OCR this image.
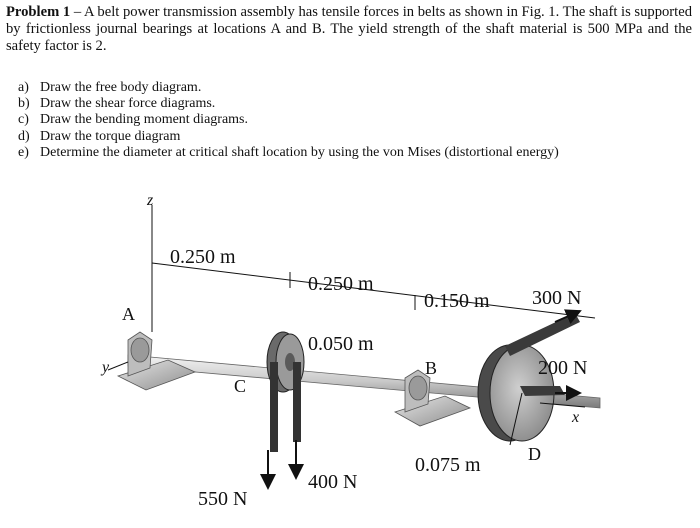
Problem 1 – A belt power transmission assembly has tensile forces in belts as shown in Fig. 1. The shaft is supported by frictionless journal bearings at locations A and B. The yield strength of the shaft material is 500 MPa and the safety factor is 2.
a) Draw the free body diagram.
b) Draw the shear force diagrams.
c) Draw the bending moment diagrams.
d) Draw the torque diagram
e) Determine the diameter at critical shaft location by using the von Mises (distortional energy)
z
y
x
A
B
C
D
0.250 m
0.250 m
0.150 m
0.050 m
0.075 m
550 N
400 N
300 N
200 N
